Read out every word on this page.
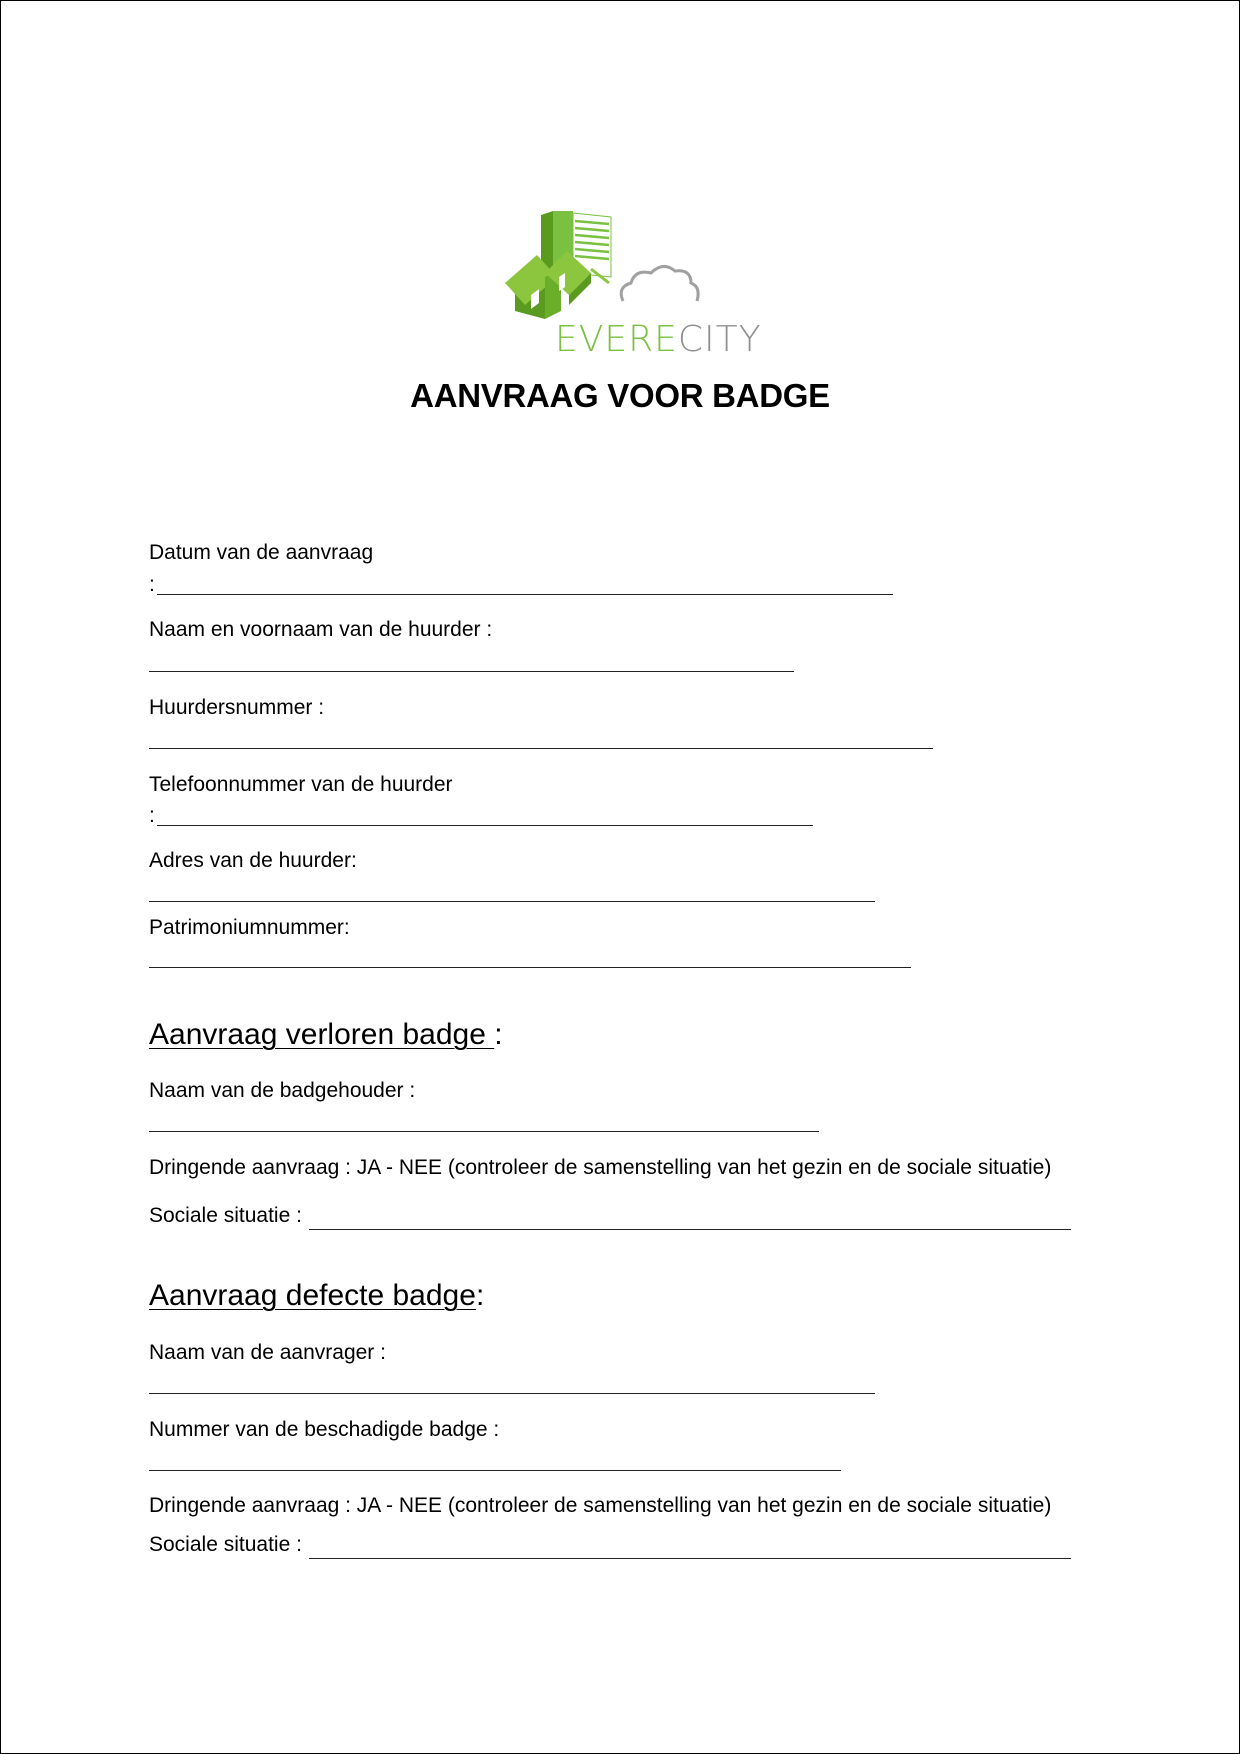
EVERECITY
AANVRAAG VOOR BADGE
Datum van de aanvraag
:
Naam en voornaam van de huurder :
Huurdersnummer :
Telefoonnummer van de huurder
:
Adres van de huurder:
Patrimoniumnummer:
Aanvraag verloren badge :
Naam van de badgehouder :
Dringende aanvraag : JA - NEE (controleer de samenstelling van het gezin en de sociale situatie)
Sociale situatie :
Aanvraag defecte badge:
Naam van de aanvrager :
Nummer van de beschadigde badge :
Dringende aanvraag : JA - NEE (controleer de samenstelling van het gezin en de sociale situatie)
Sociale situatie :
